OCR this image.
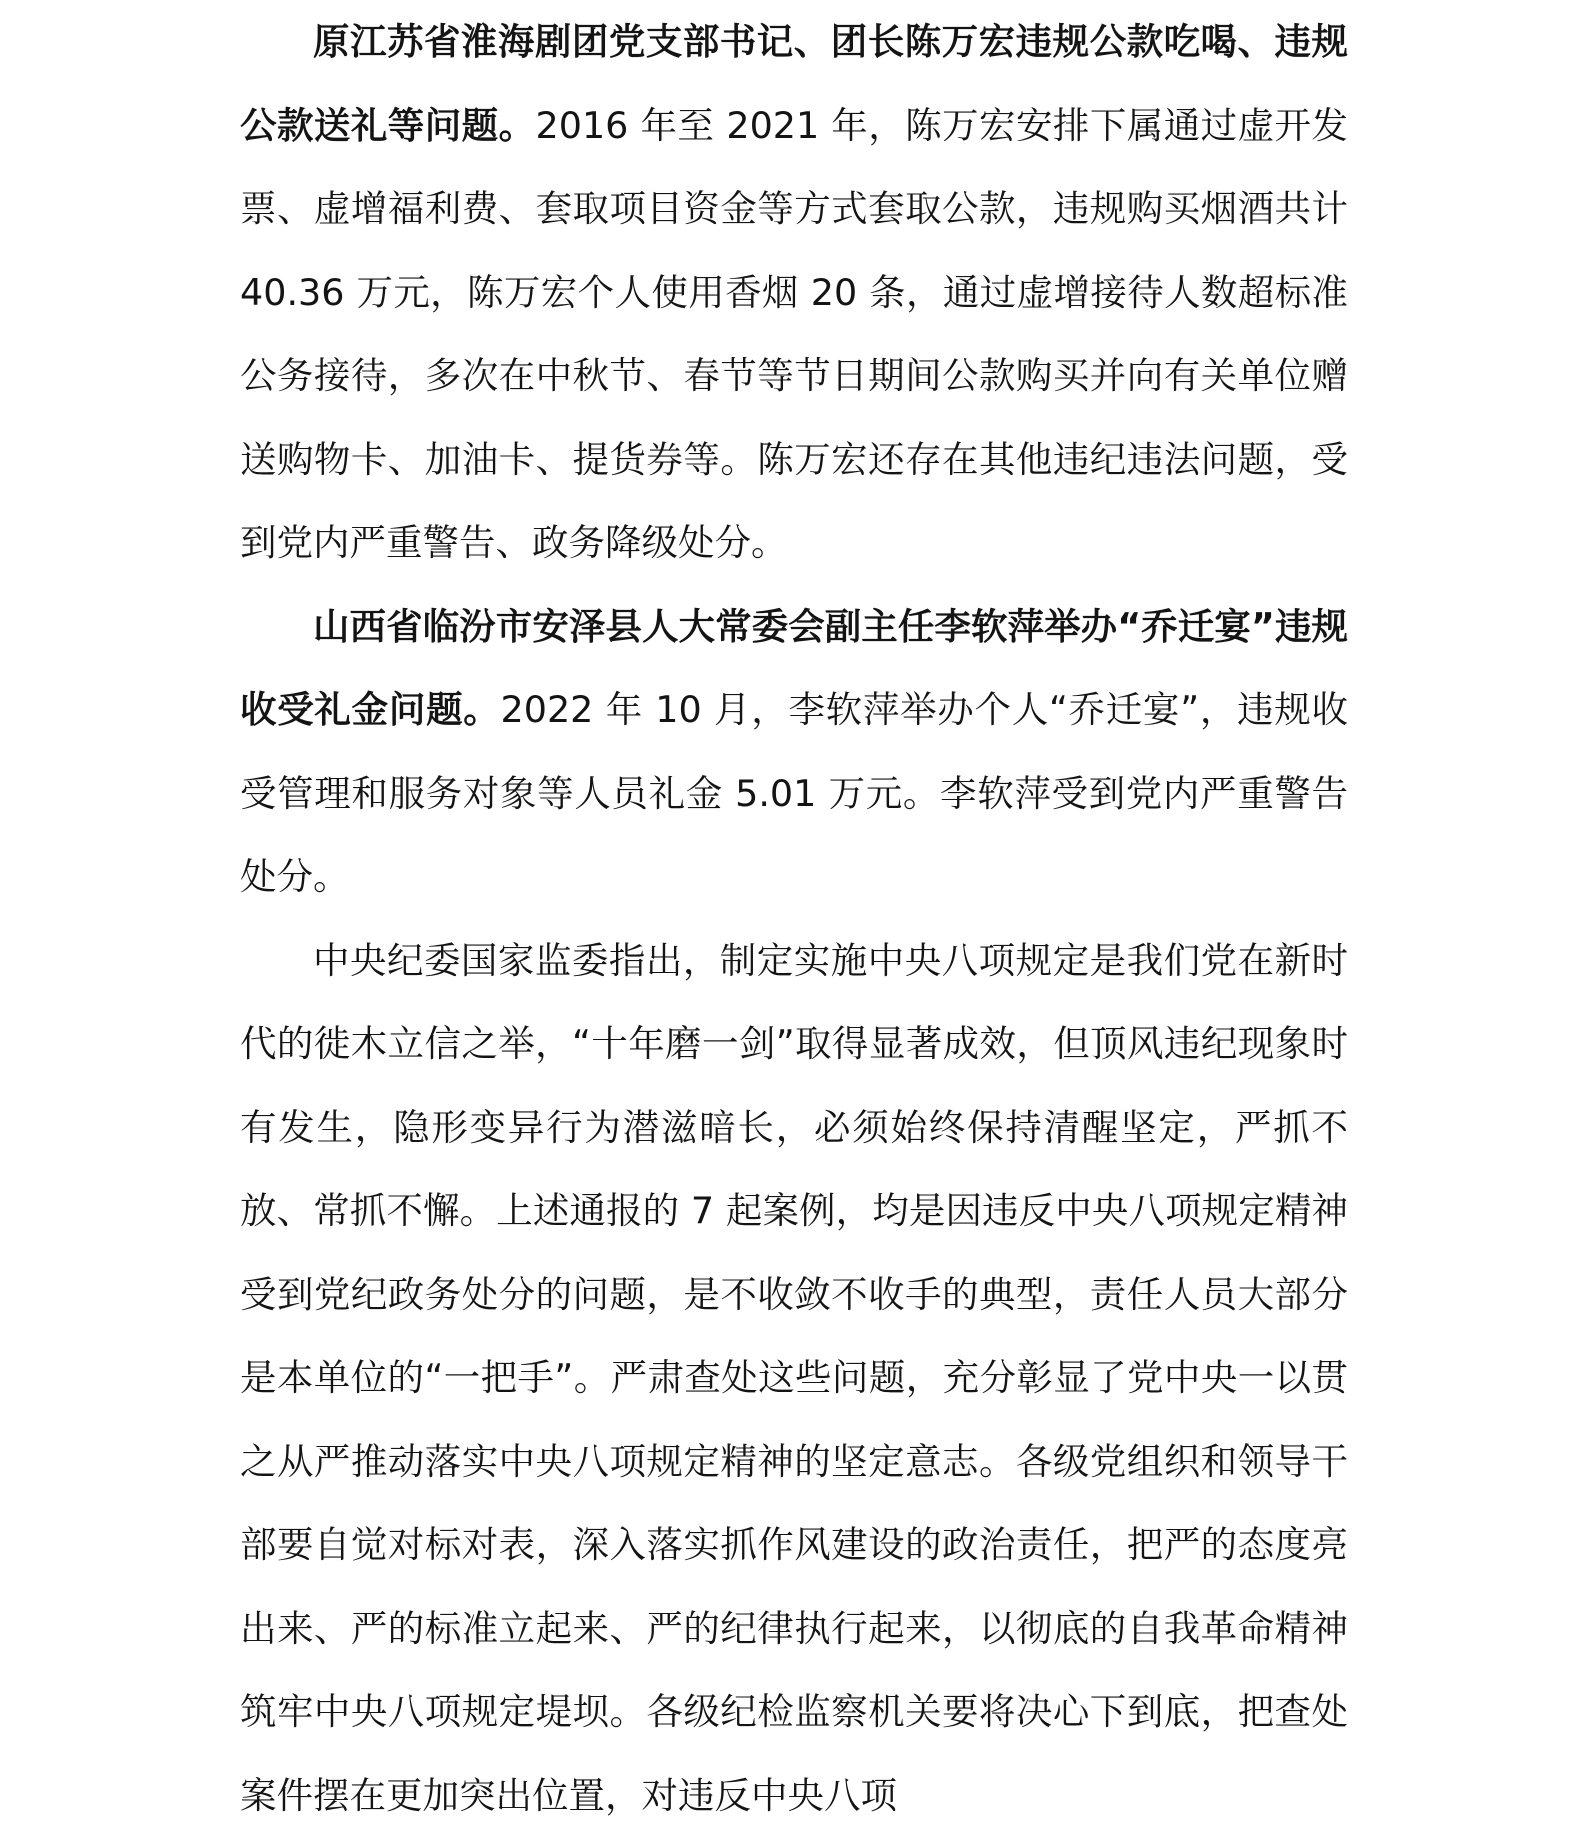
原江苏省淮海剧团党支部书记、团长陈万宏违规公款吃喝、违规公款送礼等问题。2016 年至 2021 年，陈万宏安排下属通过虚开发票、虚增福利费、套取项目资金等方式套取公款，违规购买烟酒共计 40.36 万元，陈万宏个人使用香烟 20 条，通过虚增接待人数超标准公务接待，多次在中秋节、春节等节日期间公款购买并向有关单位赠送购物卡、加油卡、提货券等。陈万宏还存在其他违纪违法问题，受到党内严重警告、政务降级处分。

山西省临汾市安泽县人大常委会副主任李软萍举办“乔迁宴”违规收受礼金问题。2022 年 10 月，李软萍举办个人“乔迁宴”，违规收受管理和服务对象等人员礼金 5.01 万元。李软萍受到党内严重警告处分。

中央纪委国家监委指出，制定实施中央八项规定是我们党在新时代的徙木立信之举，“十年磨一剑”取得显著成效，但顶风违纪现象时有发生，隐形变异行为潜滋暗长，必须始终保持清醒坚定，严抓不放、常抓不懈。上述通报的 7 起案例，均是因违反中央八项规定精神受到党纪政务处分的问题，是不收敛不收手的典型，责任人员大部分是本单位的“一把手”。严肃查处这些问题，充分彰显了党中央一以贯之从严推动落实中央八项规定精神的坚定意志。各级党组织和领导干部要自觉对标对表，深入落实抓作风建设的政治责任，把严的态度亮出来、严的标准立起来、严的纪律执行起来，以彻底的自我革命精神筑牢中央八项规定堤坝。各级纪检监察机关要将决心下到底，把查处案件摆在更加突出位置，对违反中央八项
